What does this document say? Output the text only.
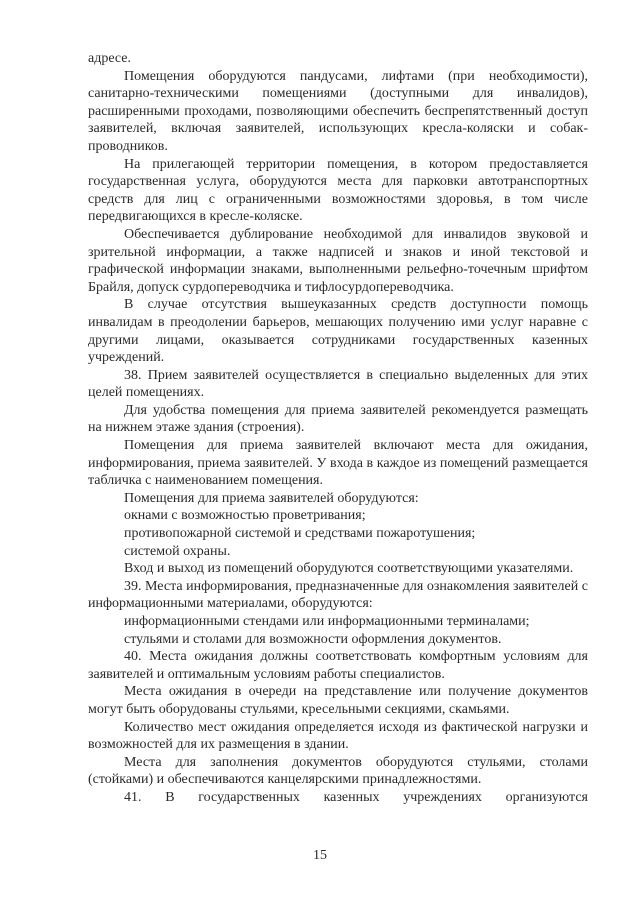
адресе.

Помещения оборудуются пандусами, лифтами (при необходимости), санитарно-техническими помещениями (доступными для инвалидов), расширенными проходами, позволяющими обеспечить беспрепятственный доступ заявителей, включая заявителей, использующих кресла-коляски и собак-проводников.

На прилегающей территории помещения, в котором предоставляется государственная услуга, оборудуются места для парковки автотранспортных средств для лиц с ограниченными возможностями здоровья, в том числе передвигающихся в кресле-коляске.

Обеспечивается дублирование необходимой для инвалидов звуковой и зрительной информации, а также надписей и знаков и иной текстовой и графической информации знаками, выполненными рельефно-точечным шрифтом Брайля, допуск сурдопереводчика и тифлосурдопереводчика.

В случае отсутствия вышеуказанных средств доступности помощь инвалидам в преодолении барьеров, мешающих получению ими услуг наравне с другими лицами, оказывается сотрудниками государственных казенных учреждений.

38. Прием заявителей осуществляется в специально выделенных для этих целей помещениях.

Для удобства помещения для приема заявителей рекомендуется размещать на нижнем этаже здания (строения).

Помещения для приема заявителей включают места для ожидания, информирования, приема заявителей. У входа в каждое из помещений размещается табличка с наименованием помещения.

Помещения для приема заявителей оборудуются:

окнами с возможностью проветривания;

противопожарной системой и средствами пожаротушения;

системой охраны.

Вход и выход из помещений оборудуются соответствующими указателями.

39. Места информирования, предназначенные для ознакомления заявителей с информационными материалами, оборудуются:

информационными стендами или информационными терминалами;

стульями и столами для возможности оформления документов.

40. Места ожидания должны соответствовать комфортным условиям для заявителей и оптимальным условиям работы специалистов.

Места ожидания в очереди на представление или получение документов могут быть оборудованы стульями, кресельными секциями, скамьями.

Количество мест ожидания определяется исходя из фактической нагрузки и возможностей для их размещения в здании.

Места для заполнения документов оборудуются стульями, столами (стойками) и обеспечиваются канцелярскими принадлежностями.

41. В государственных казенных учреждениях организуются

15
